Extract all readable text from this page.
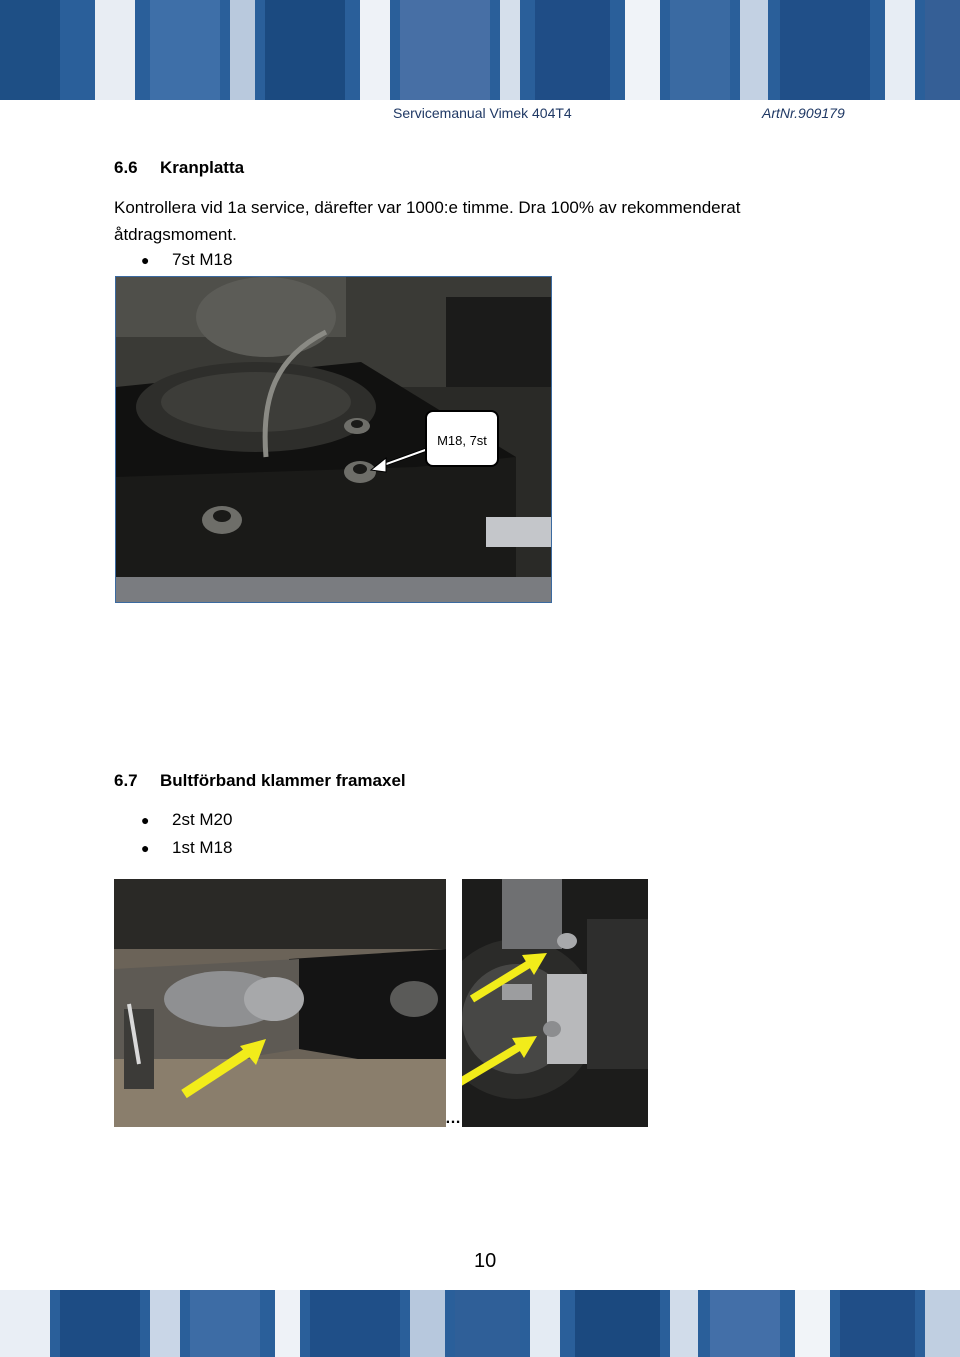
Servicemanual Vimek 404T4	ArtNr.909179
6.6 Kranplatta
Kontrollera vid 1a service, därefter var 1000:e timme. Dra 100% av rekommenderat åtdragsmoment.
● 7st M18
M18, 7st
6.7 Bultförband klammer framaxel
● 2st M20
● 1st M18
…
10
